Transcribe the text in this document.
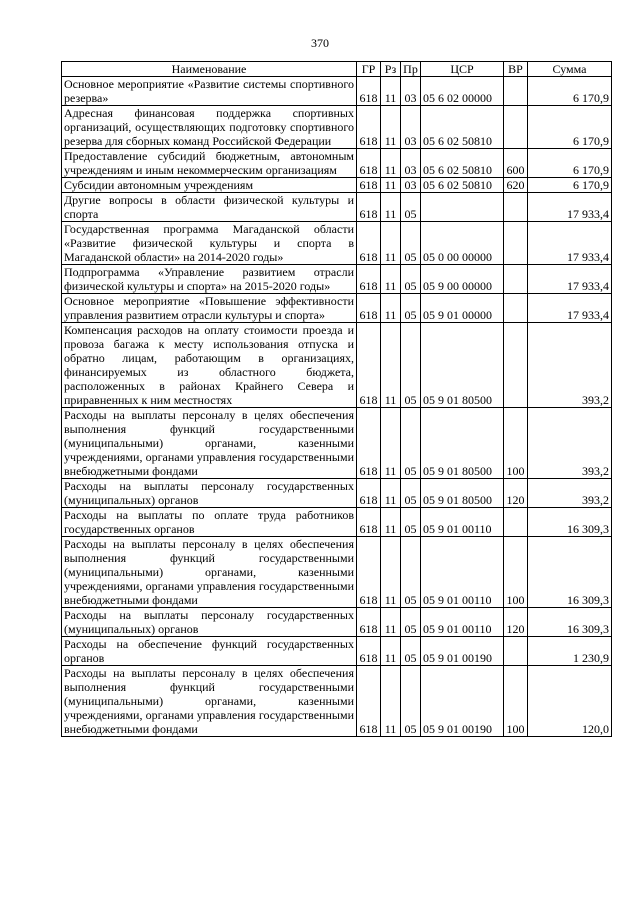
370
Наименование	ГР	Рз	Пр	ЦСР	ВР	Сумма
Основное мероприятие «Развитие системы спортивного резерва»	618	11	03	05 6 02 00000		6 170,9
Адресная финансовая поддержка спортивных организаций, осуществляющих подготовку спортивного резерва для сборных команд Российской Федерации	618	11	03	05 6 02 50810		6 170,9
Предоставление субсидий бюджетным, автономным учреждениям и иным некоммерческим организациям	618	11	03	05 6 02 50810	600	6 170,9
Субсидии автономным учреждениям	618	11	03	05 6 02 50810	620	6 170,9
Другие вопросы в области физической культуры и спорта	618	11	05			17 933,4
Государственная программа Магаданской области «Развитие физической культуры и спорта в Магаданской области» на 2014-2020 годы»	618	11	05	05 0 00 00000		17 933,4
Подпрограмма «Управление развитием отрасли физической культуры и спорта» на 2015-2020 годы»	618	11	05	05 9 00 00000		17 933,4
Основное мероприятие «Повышение эффективности управления развитием отрасли культуры и спорта»	618	11	05	05 9 01 00000		17 933,4
Компенсация расходов на оплату стоимости проезда и провоза багажа к месту использования отпуска и обратно лицам, работающим в организациях, финансируемых из областного бюджета, расположенных в районах Крайнего Севера и приравненных к ним местностях	618	11	05	05 9 01 80500		393,2
Расходы на выплаты персоналу в целях обеспечения выполнения функций государственными (муниципальными) органами, казенными учреждениями, органами управления государственными внебюджетными фондами	618	11	05	05 9 01 80500	100	393,2
Расходы на выплаты персоналу государственных (муниципальных) органов	618	11	05	05 9 01 80500	120	393,2
Расходы на выплаты по оплате труда работников государственных органов	618	11	05	05 9 01 00110		16 309,3
Расходы на выплаты персоналу в целях обеспечения выполнения функций государственными (муниципальными) органами, казенными учреждениями, органами управления государственными внебюджетными фондами	618	11	05	05 9 01 00110	100	16 309,3
Расходы на выплаты персоналу государственных (муниципальных) органов	618	11	05	05 9 01 00110	120	16 309,3
Расходы на обеспечение функций государственных органов	618	11	05	05 9 01 00190		1 230,9
Расходы на выплаты персоналу в целях обеспечения выполнения функций государственными (муниципальными) органами, казенными учреждениями, органами управления государственными внебюджетными фондами	618	11	05	05 9 01 00190	100	120,0
